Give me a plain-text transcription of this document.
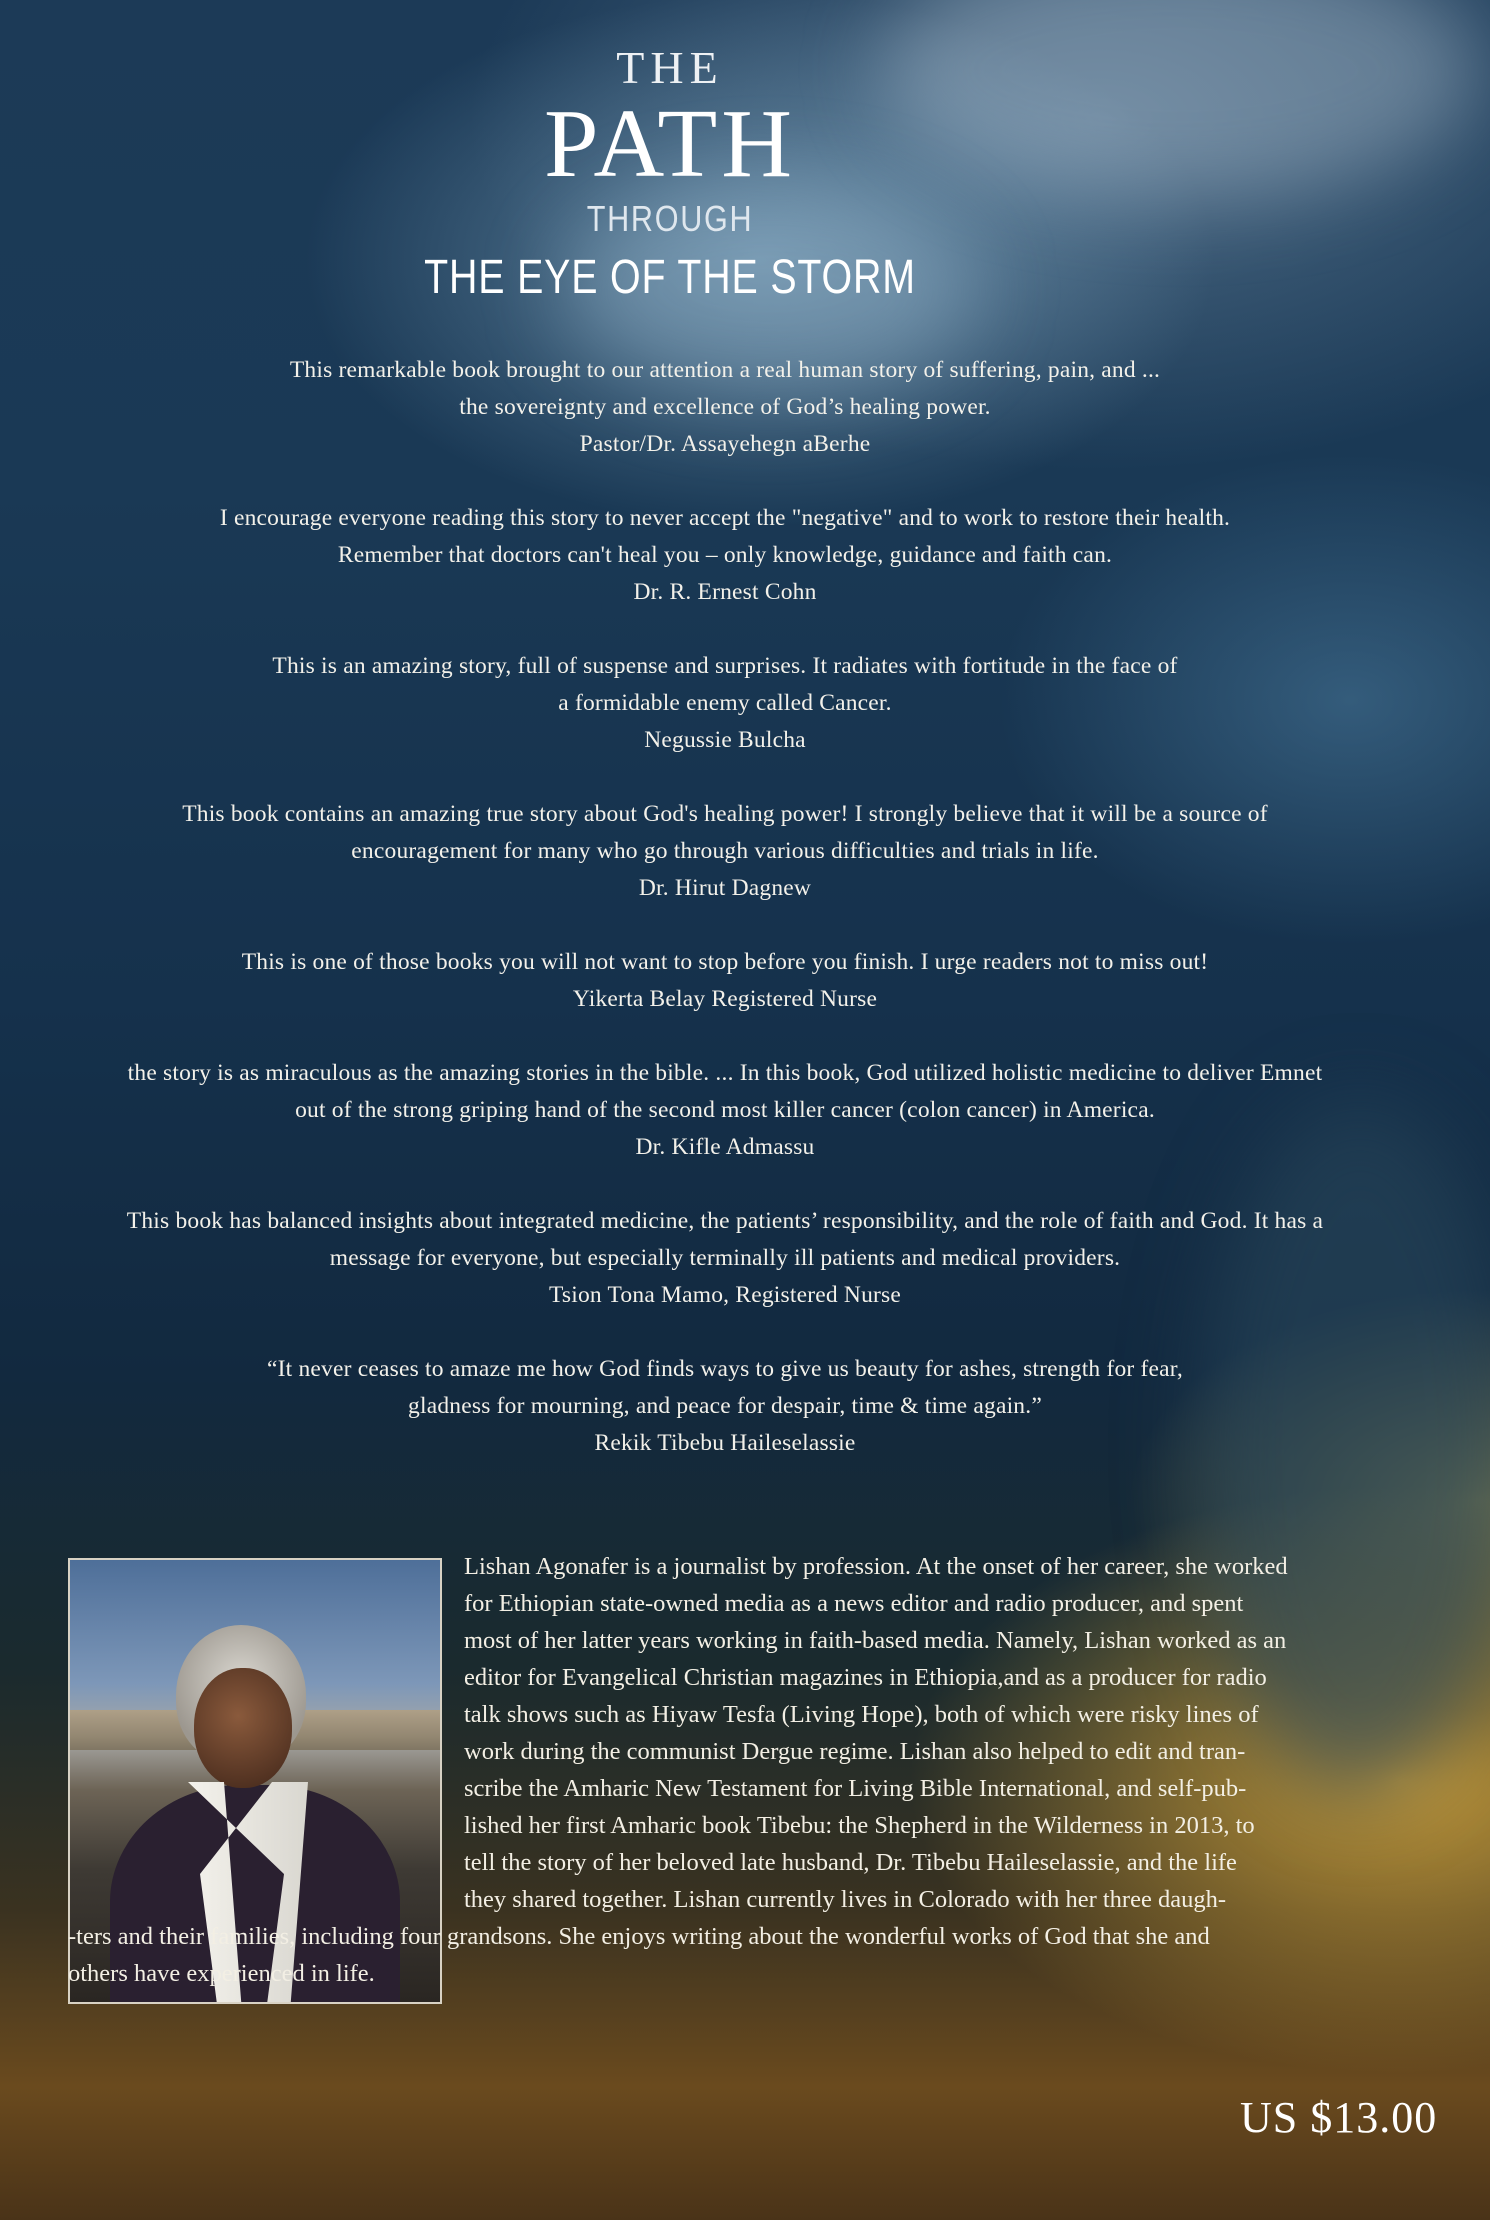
THE
PATH
THROUGH
THE EYE OF THE STORM
This remarkable book brought to our attention a real human story of suffering, pain, and ...
the sovereignty and excellence of God’s healing power.
Pastor/Dr. Assayehegn aBerhe
I encourage everyone reading this story to never accept the "negative" and to work to restore their health.
Remember that doctors can't heal you – only knowledge, guidance and faith can.
Dr. R. Ernest Cohn
This is an amazing story, full of suspense and surprises. It radiates with fortitude in the face of
a formidable enemy called Cancer.
Negussie Bulcha
This book contains an amazing true story about God's healing power! I strongly believe that it will be a source of
encouragement for many who go through various difficulties and trials in life.
Dr. Hirut Dagnew
This is one of those books you will not want to stop before you finish. I urge readers not to miss out!
Yikerta Belay Registered Nurse
the story is as miraculous as the amazing stories in the bible. ... In this book, God utilized holistic medicine to deliver Emnet
out of the strong griping hand of the second most killer cancer (colon cancer) in America.
Dr. Kifle Admassu
This book has balanced insights about integrated medicine, the patients’ responsibility, and the role of faith and God. It has a
message for everyone, but especially terminally ill patients and medical providers.
Tsion Tona Mamo, Registered Nurse
“It never ceases to amaze me how God finds ways to give us beauty for ashes, strength for fear,
gladness for mourning, and peace for despair, time & time again.”
Rekik Tibebu Haileselassie
Lishan Agonafer is a journalist by profession. At the onset of her career, she worked
for Ethiopian state-owned media as a news editor and radio producer, and spent
most of her latter years working in faith-based media. Namely, Lishan worked as an
editor for Evangelical Christian magazines in Ethiopia,and as a producer for radio
talk shows such as Hiyaw Tesfa (Living Hope), both of which were risky lines of
work during the communist Dergue regime. Lishan also helped to edit and tran-
scribe the Amharic New Testament for Living Bible International, and self-pub-
lished her first Amharic book Tibebu: the Shepherd in the Wilderness in 2013, to
tell the story of her beloved late husband, Dr. Tibebu Haileselassie, and the life
they shared together. Lishan currently lives in Colorado with her three daugh-
-ters and their families, including four grandsons. She enjoys writing about the wonderful works of God that she and
others have experienced in life.
US $13.00
